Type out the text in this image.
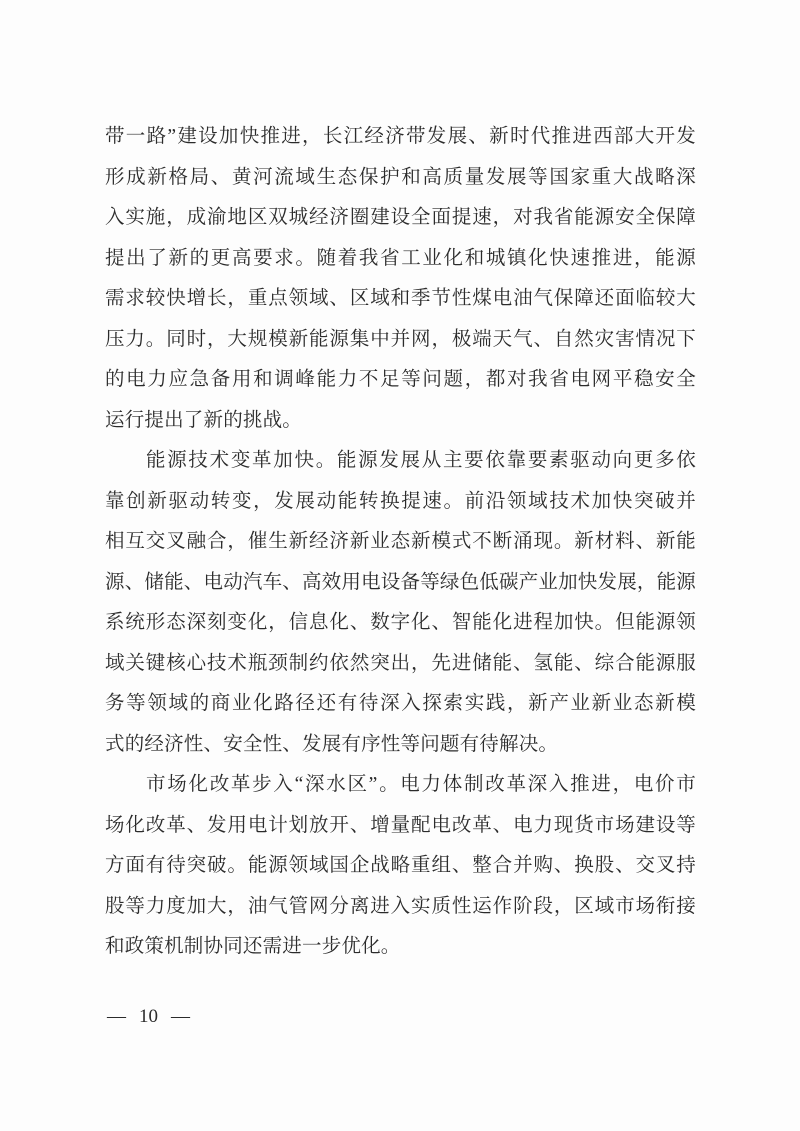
带一路”建设加快推进，长江经济带发展、新时代推进西部大开发
形成新格局、黄河流域生态保护和高质量发展等国家重大战略深
入实施，成渝地区双城经济圈建设全面提速，对我省能源安全保障
提出了新的更高要求。随着我省工业化和城镇化快速推进，能源
需求较快增长，重点领域、区域和季节性煤电油气保障还面临较大
压力。同时，大规模新能源集中并网，极端天气、自然灾害情况下
的电力应急备用和调峰能力不足等问题，都对我省电网平稳安全
运行提出了新的挑战。
能源技术变革加快。能源发展从主要依靠要素驱动向更多依
靠创新驱动转变，发展动能转换提速。前沿领域技术加快突破并
相互交叉融合，催生新经济新业态新模式不断涌现。新材料、新能
源、储能、电动汽车、高效用电设备等绿色低碳产业加快发展，能源
系统形态深刻变化，信息化、数字化、智能化进程加快。但能源领
域关键核心技术瓶颈制约依然突出，先进储能、氢能、综合能源服
务等领域的商业化路径还有待深入探索实践，新产业新业态新模
式的经济性、安全性、发展有序性等问题有待解决。
市场化改革步入“深水区”。电力体制改革深入推进，电价市
场化改革、发用电计划放开、增量配电改革、电力现货市场建设等
方面有待突破。能源领域国企战略重组、整合并购、换股、交叉持
股等力度加大，油气管网分离进入实质性运作阶段，区域市场衔接
和政策机制协同还需进一步优化。
— 10 —
